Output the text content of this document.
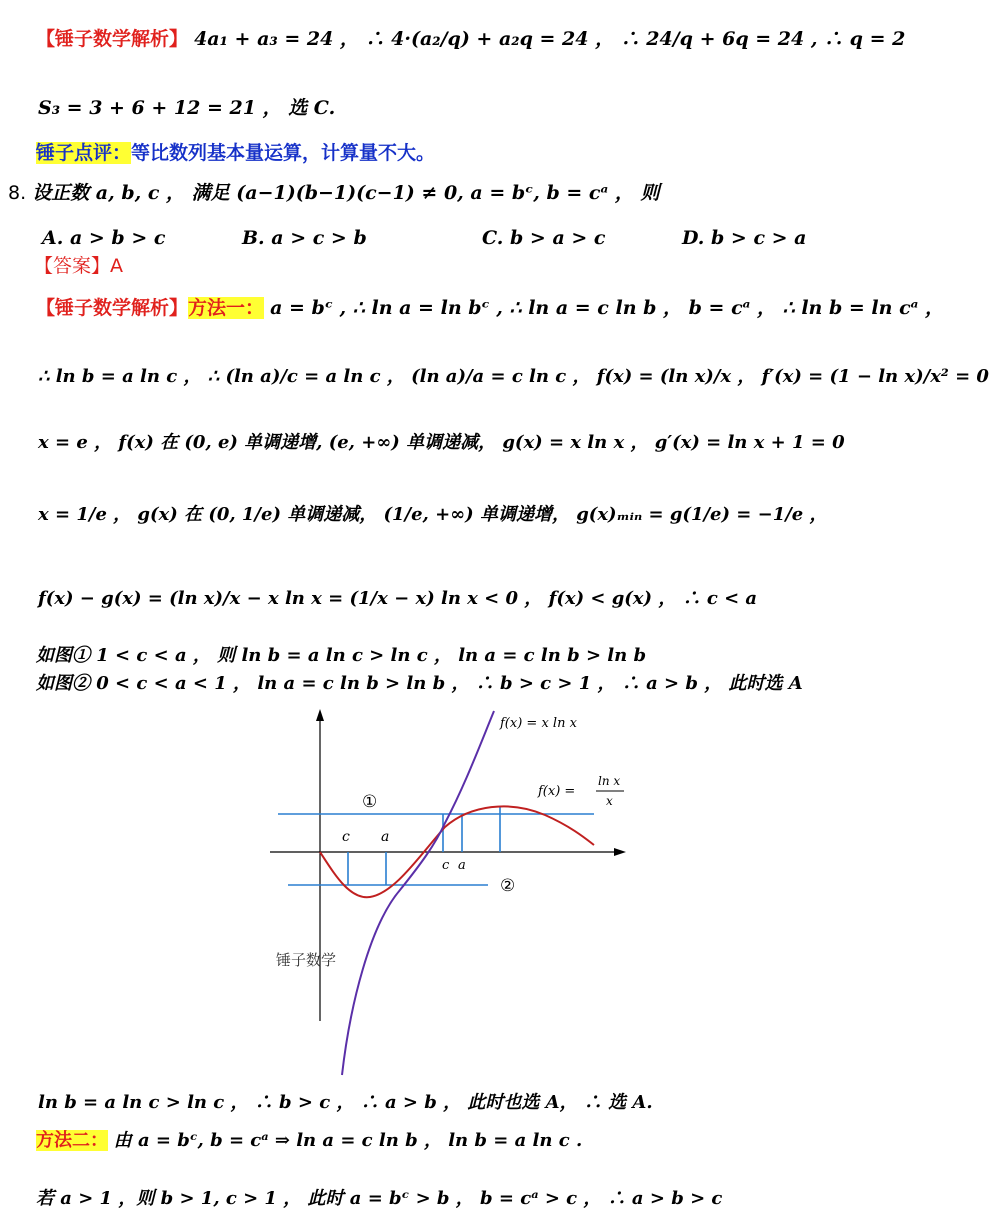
【锤子数学解析】 4a₁ + a₃ = 24 ， ∴ 4·(a₂/q) + a₂q = 24 ， ∴ 24/q + 6q = 24 , ∴ q = 2
S₃ = 3 + 6 + 12 = 21 ， 选 C.
锤子点评：等比数列基本量运算，计算量不大。
8. 设正数 a, b, c ， 满足 (a−1)(b−1)(c−1) ≠ 0, a = bᶜ, b = cᵃ ， 则
A. a > b > c	B. a > c > b	C. b > a > c	D. b > c > a
【答案】A
【锤子数学解析】方法一： a = bᶜ , ∴ ln a = ln bᶜ , ∴ ln a = c ln b ， b = cᵃ ， ∴ ln b = ln cᵃ ，
∴ ln b = a ln c ， ∴ (ln a)/c = a ln c ， (ln a)/a = c ln c ， f(x) = (ln x)/x ， f′(x) = (1 − ln x)/x² = 0
x = e ， f(x) 在 (0, e) 单调递增, (e, +∞) 单调递减， g(x) = x ln x ， g′(x) = ln x + 1 = 0
x = 1/e ， g(x) 在 (0, 1/e) 单调递减， (1/e, +∞) 单调递增， g(x)ₘᵢₙ = g(1/e) = −1/e ，
f(x) − g(x) = (ln x)/x − x ln x = (1/x − x) ln x < 0 ， f(x) < g(x) ， ∴ c < a
如图① 1 < c < a ， 则 ln b = a ln c > ln c ， ln a = c ln b > ln b
如图② 0 < c < a < 1 ， ln a = c ln b > ln b ， ∴ b > c > 1 ， ∴ a > b ， 此时选 A
f(x) = x ln x
f(x) =
ln x
x
①
②
c a
c a
锤子数学
ln b = a ln c > ln c ， ∴ b > c ， ∴ a > b ， 此时也选 A， ∴ 选 A.
方法二： 由 a = bᶜ, b = cᵃ ⇒ ln a = c ln b ， ln b = a ln c .
若 a > 1 ，则 b > 1, c > 1 ， 此时 a = bᶜ > b ， b = cᵃ > c ， ∴ a > b > c
